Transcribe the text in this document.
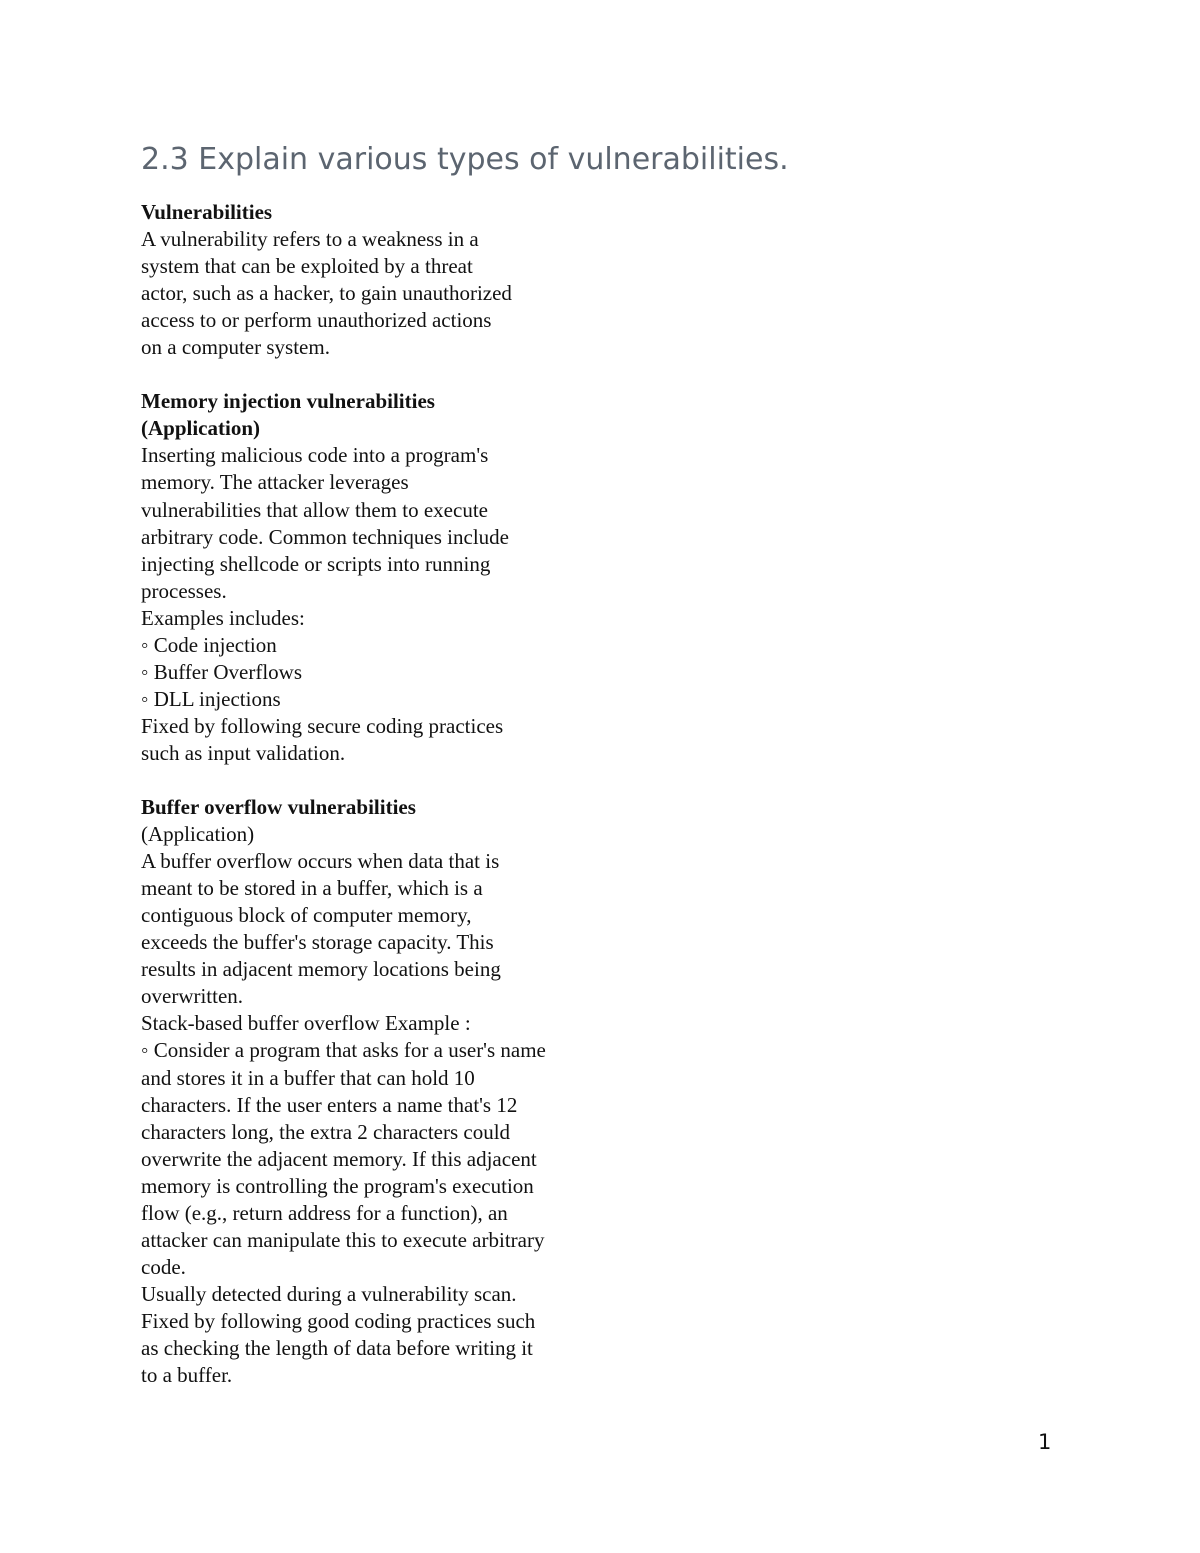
2.3 Explain various types of vulnerabilities.
Vulnerabilities
A vulnerability refers to a weakness in a
system that can be exploited by a threat
actor, such as a hacker, to gain unauthorized
access to or perform unauthorized actions
on a computer system.
Memory injection vulnerabilities
(Application)
Inserting malicious code into a program's
memory. The attacker leverages
vulnerabilities that allow them to execute
arbitrary code. Common techniques include
injecting shellcode or scripts into running
processes.
Examples includes:
◦ Code injection
◦ Buffer Overflows
◦ DLL injections
Fixed by following secure coding practices
such as input validation.
Buffer overflow vulnerabilities
(Application)
A buffer overflow occurs when data that is
meant to be stored in a buffer, which is a
contiguous block of computer memory,
exceeds the buffer's storage capacity. This
results in adjacent memory locations being
overwritten.
Stack-based buffer overflow Example :
◦ Consider a program that asks for a user's name
and stores it in a buffer that can hold 10
characters. If the user enters a name that's 12
characters long, the extra 2 characters could
overwrite the adjacent memory. If this adjacent
memory is controlling the program's execution
flow (e.g., return address for a function), an
attacker can manipulate this to execute arbitrary
code.
Usually detected during a vulnerability scan.
Fixed by following good coding practices such
as checking the length of data before writing it
to a buffer.
1
